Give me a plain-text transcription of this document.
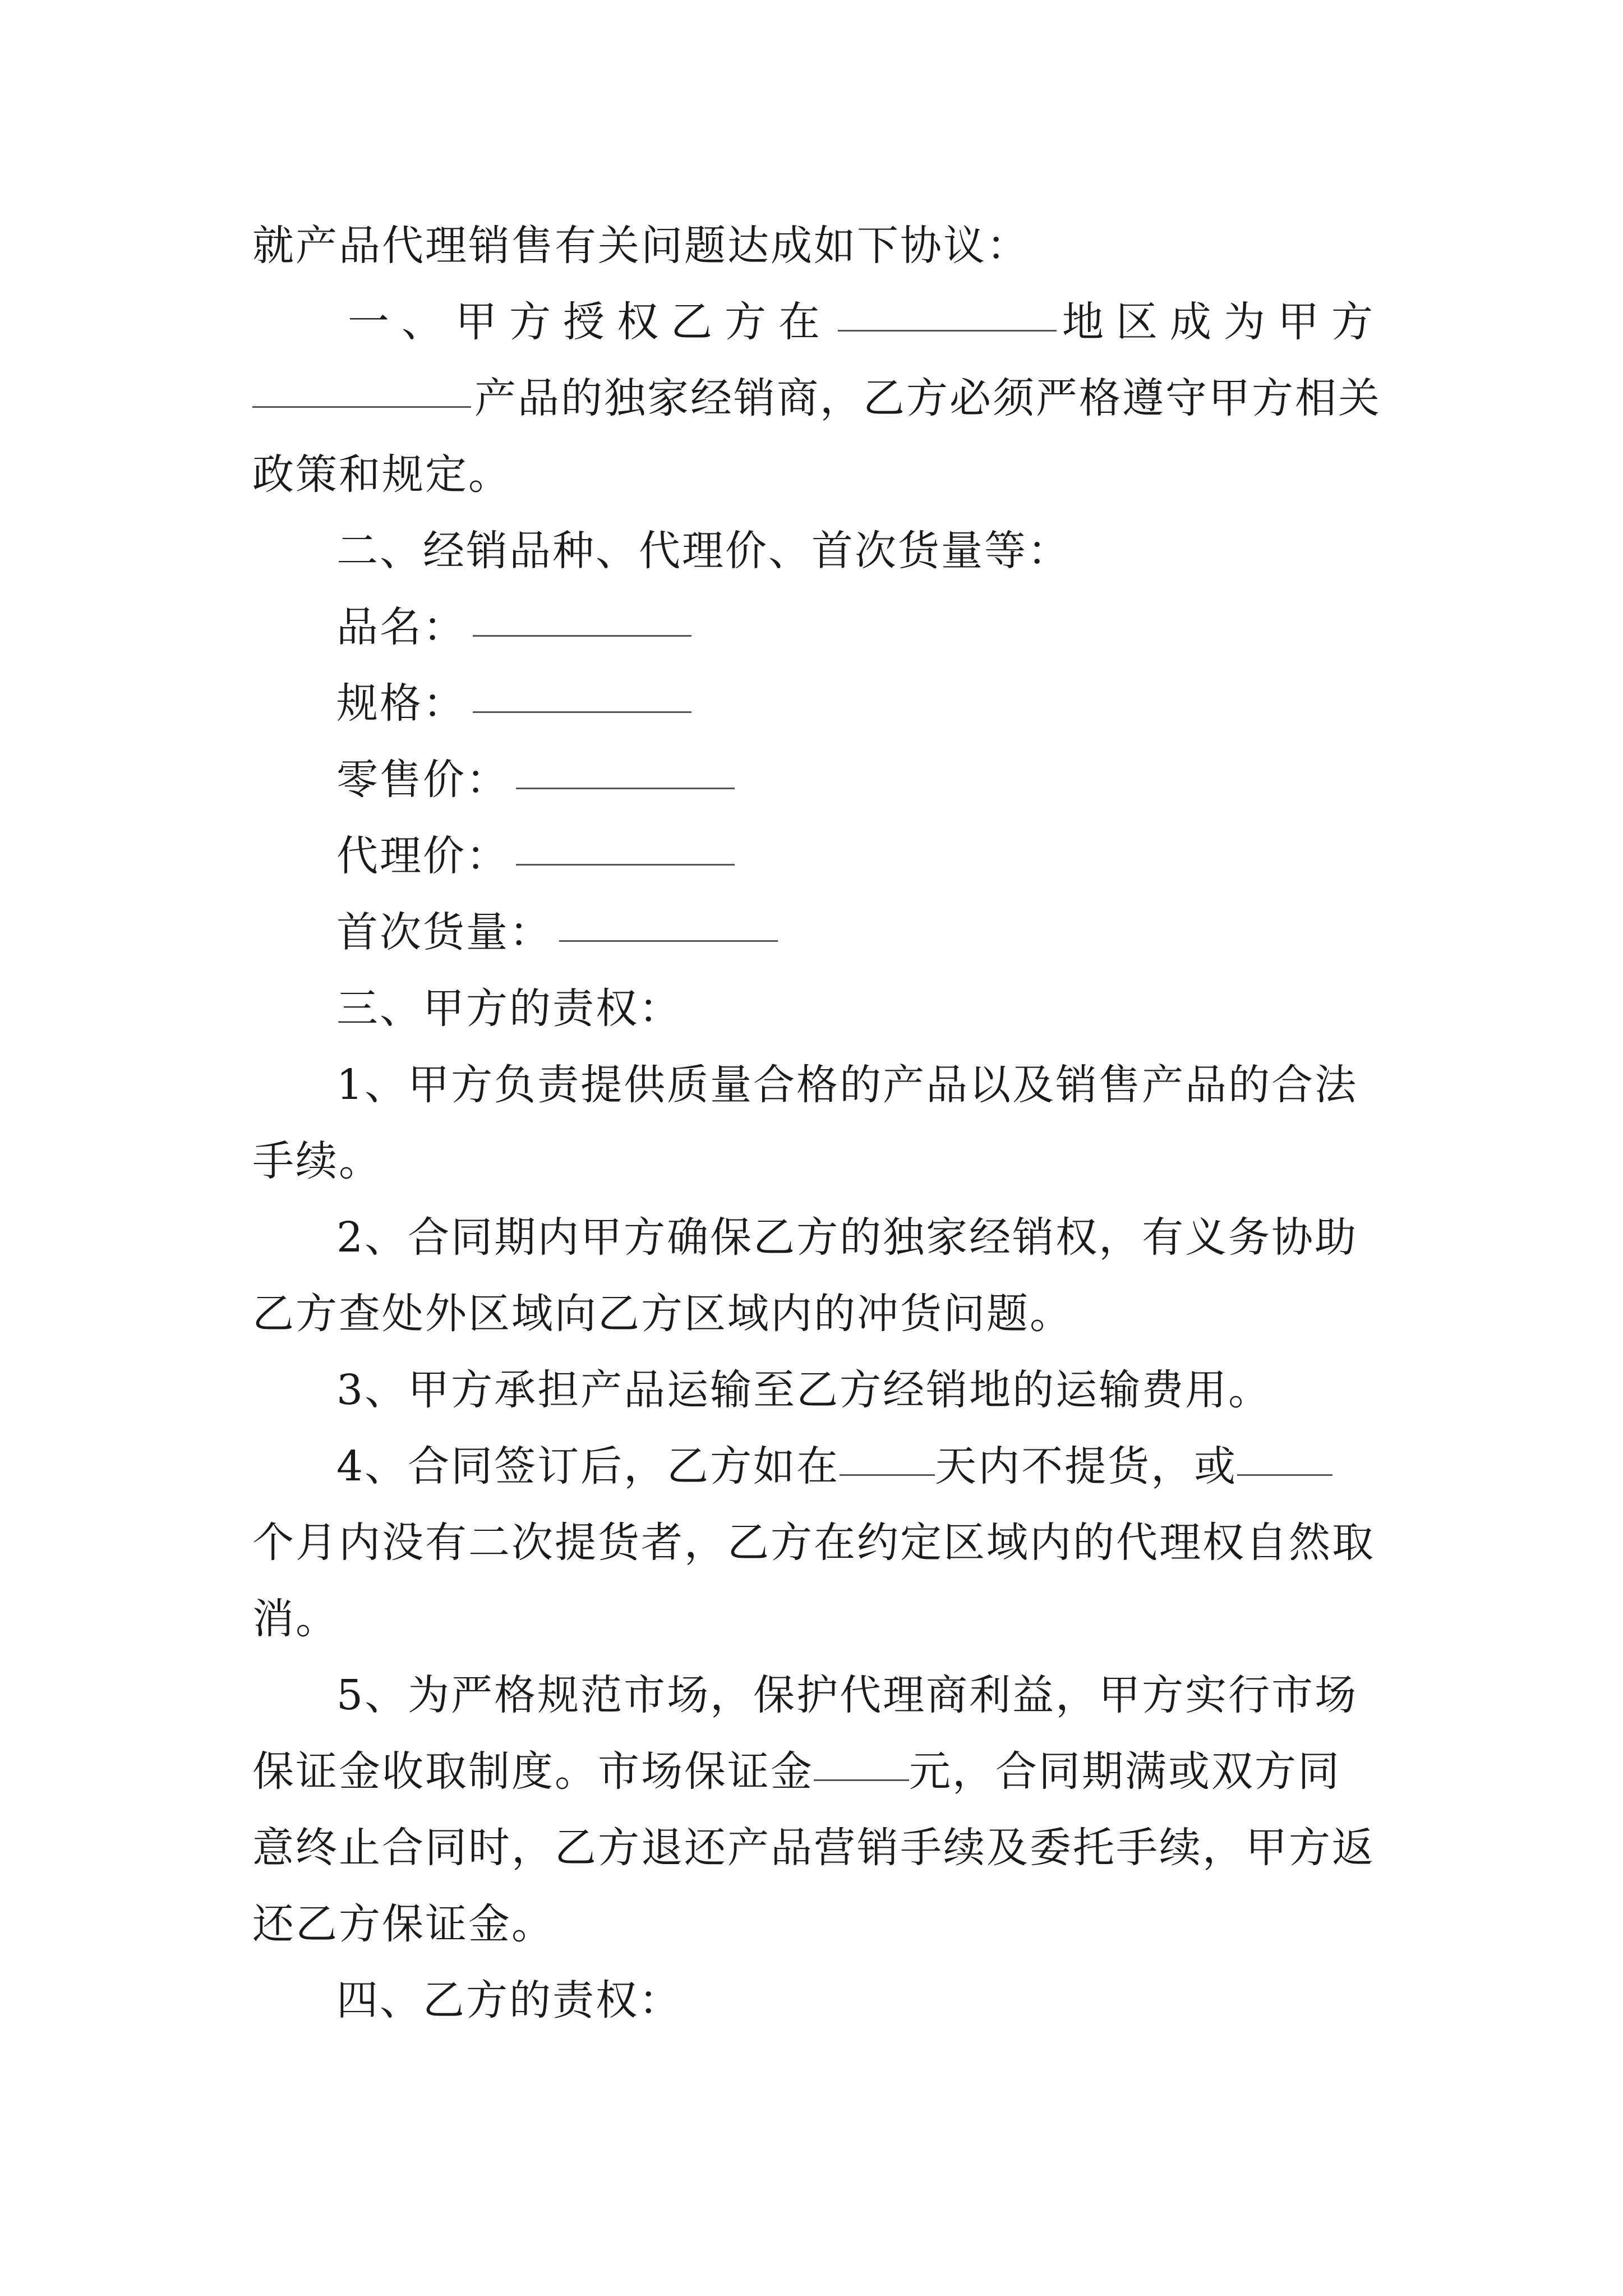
就产品代理销售有关问题达成如下协议：
一、甲方授权乙方在	地区成为甲方
产品的独家经销商，乙方必须严格遵守甲方相关
政策和规定。
二、经销品种、代理价、首次货量等：
品名：
规格：
零售价：
代理价：
首次货量：
三、甲方的责权：
1、甲方负责提供质量合格的产品以及销售产品的合法
手续。
2、合同期内甲方确保乙方的独家经销权，有义务协助
乙方查处外区域向乙方区域内的冲货问题。
3、甲方承担产品运输至乙方经销地的运输费用。
4、合同签订后，乙方如在 天内不提货，或
个月内没有二次提货者，乙方在约定区域内的代理权自然取
消。
5、为严格规范市场，保护代理商利益，甲方实行市场
保证金收取制度。市场保证金 元，合同期满或双方同
意终止合同时，乙方退还产品营销手续及委托手续，甲方返
还乙方保证金。
四、乙方的责权：
